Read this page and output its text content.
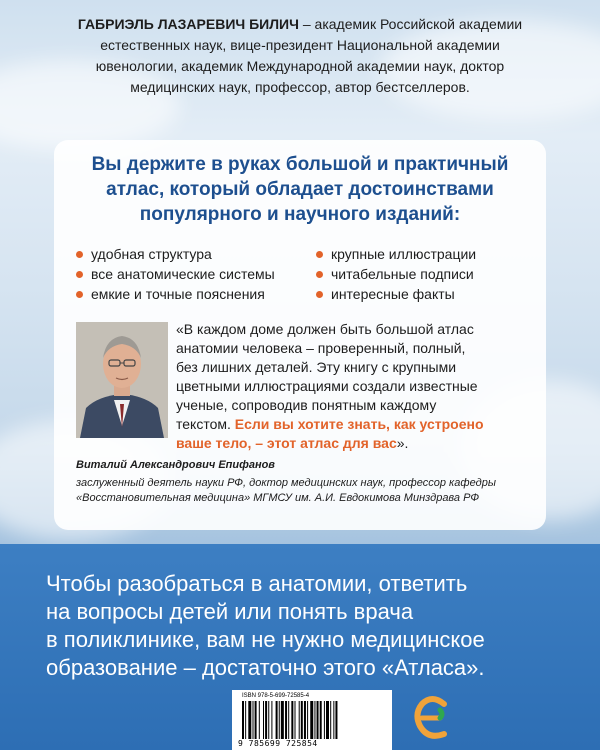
ГАБРИЭЛЬ ЛАЗАРЕВИЧ БИЛИЧ – академик Российской академии
естественных наук, вице-президент Национальной академии
ювенологии, академик Международной академии наук, доктор
медицинских наук, профессор, автор бестселлеров.
Вы держите в руках большой и практичный
атлас, который обладает достоинствами
популярного и научного изданий:
удобная структура
все анатомические системы
емкие и точные пояснения
крупные иллюстрации
читабельные подписи
интересные факты
«В каждом доме должен быть большой атлас
анатомии человека – проверенный, полный,
без лишних деталей. Эту книгу с крупными
цветными иллюстрациями создали известные
ученые, сопроводив понятным каждому
текстом. Если вы хотите знать, как устроено
ваше тело, – этот атлас для вас».
Виталий Александрович Епифанов
заслуженный деятель науки РФ, доктор медицинских наук, профессор кафедры
«Восстановительная медицина» МГМСУ им. А.И. Евдокимова Минздрава РФ
Чтобы разобраться в анатомии, ответить
на вопросы детей или понять врача
в поликлинике, вам не нужно медицинское
образование – достаточно этого «Атласа».
ISBN 978-5-699-72585-4
9 785699 725854
